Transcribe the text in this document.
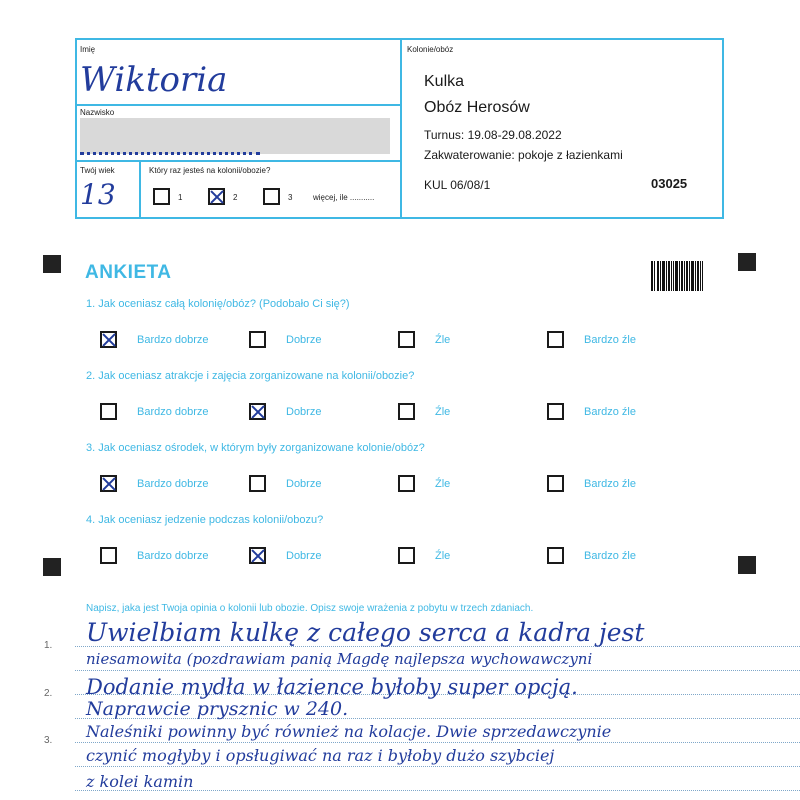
Imię
Wiktoria
Nazwisko
Twój wiek
13
Który raz jesteś na kolonii/obozie?
1	2	3	więcej, ile ...........
Kolonie/obóz
Kulka
Obóz Herosów
Turnus: 19.08-29.08.2022
Zakwaterowanie: pokoje z łazienkami
KUL 06/08/1	03025
ANKIETA
1. Jak oceniasz całą kolonię/obóz? (Podobało Ci się?)
Bardzo dobrze	Dobrze	Źle	Bardzo źle
2. Jak oceniasz atrakcje i zajęcia zorganizowane na kolonii/obozie?
Bardzo dobrze	Dobrze	Źle	Bardzo źle
3. Jak oceniasz ośrodek, w którym były zorganizowane kolonie/obóz?
Bardzo dobrze	Dobrze	Źle	Bardzo źle
4. Jak oceniasz jedzenie podczas kolonii/obozu?
Bardzo dobrze	Dobrze	Źle	Bardzo źle
Napisz, jaka jest Twoja opinia o kolonii lub obozie. Opisz swoje wrażenia z pobytu w trzech zdaniach.
1.
2.
3.
Uwielbiam kulkę z całego serca a kadra jest
niesamowita (pozdrawiam panią Magdę najlepsza wychowawczyni
Dodanie mydła w łazience byłoby super opcją.
Naprawcie prysznic w 240.
Naleśniki powinny być również na kolacje. Dwie sprzedawczynie
czynić mogłyby i opsługiwać na raz i byłoby dużo szybciej
z kolei kamin
